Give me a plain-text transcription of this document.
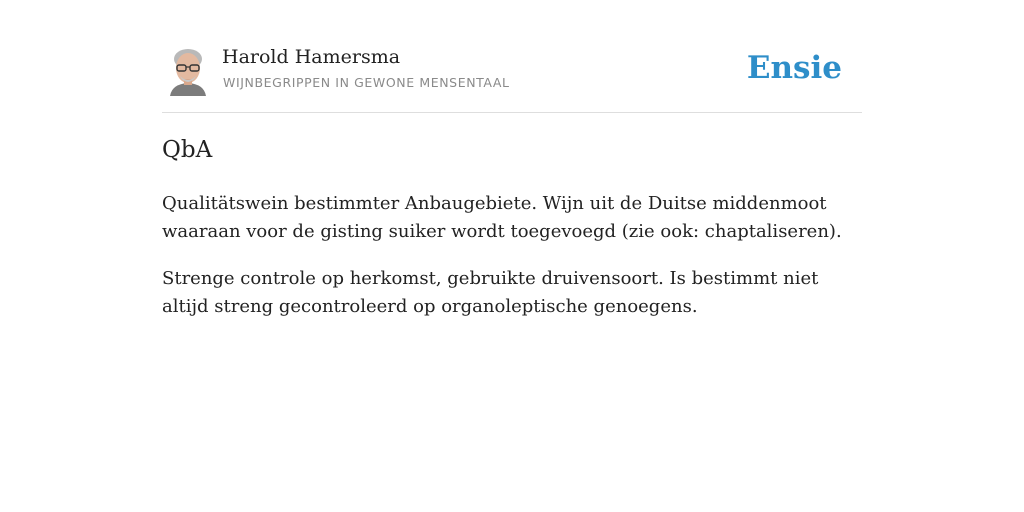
Harold Hamersma
WIJNBEGRIPPEN IN GEWONE MENSENTAAL	Ensie
QbA

Qualitätswein bestimmter Anbaugebiete. Wijn uit de Duitse middenmoot waaraan voor de gisting suiker wordt toegevoegd (zie ook: chaptaliseren).

Strenge controle op herkomst, gebruikte druivensoort. Is bestimmt niet altijd streng gecontroleerd op organoleptische genoegens.
